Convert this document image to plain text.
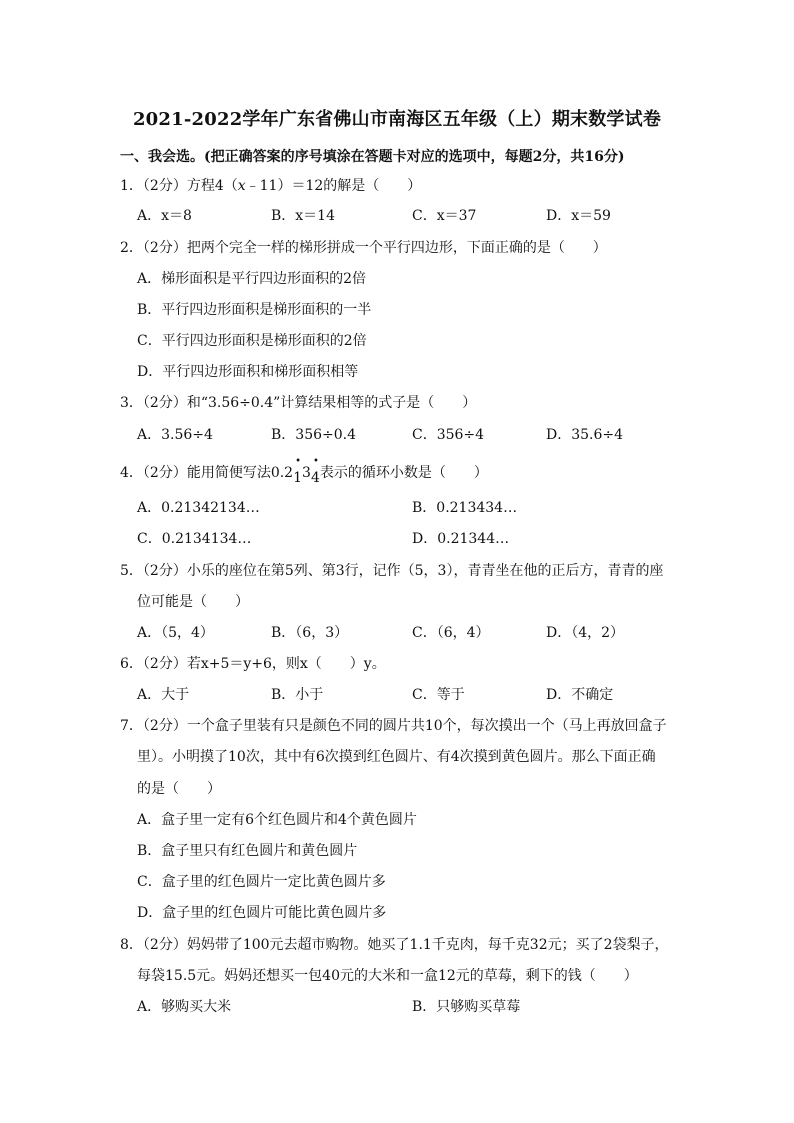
2021-2022学年广东省佛山市南海区五年级（上）期末数学试卷
一、我会选。(把正确答案的序号填涂在答题卡对应的选项中，每题2分，共16分)
1．（2分）方程4（x﹣11）＝12的解是（　　）
A．x＝8	B．x＝14	C．x＝37	D．x＝59
2．（2分）把两个完全一样的梯形拼成一个平行四边形，下面正确的是（　　）
A．梯形面积是平行四边形面积的2倍
B．平行四边形面积是梯形面积的一半
C．平行四边形面积是梯形面积的2倍
D．平行四边形面积和梯形面积相等
3．（2分）和“3.56÷0.4”计算结果相等的式子是（　　）
A．3.56÷4	B．356÷0.4	C．356÷4	D．35.6÷4
4．（2分）能用简便写法0.2
•
13
•
4表示的循环小数是（　　）
A．0.21342134…	B．0.213434…
C．0.2134134…	D．0.21344…
5．（2分）小乐的座位在第5列、第3行，记作（5，3），青青坐在他的正后方，青青的座
位可能是（　　）
A．（5，4）	B．（6，3）	C．（6，4）	D．（4，2）
6．（2分）若x+5＝y+6，则x（　　）y。
A．大于	B．小于	C．等于	D．不确定
7．（2分）一个盒子里装有只是颜色不同的圆片共10个，每次摸出一个（马上再放回盒子
里）。小明摸了10次，其中有6次摸到红色圆片、有4次摸到黄色圆片。那么下面正确
的是（　　）
A．盒子里一定有6个红色圆片和4个黄色圆片
B．盒子里只有红色圆片和黄色圆片
C．盒子里的红色圆片一定比黄色圆片多
D．盒子里的红色圆片可能比黄色圆片多
8．（2分）妈妈带了100元去超市购物。她买了1.1千克肉，每千克32元；买了2袋梨子，
每袋15.5元。妈妈还想买一包40元的大米和一盒12元的草莓，剩下的钱（　　）
A．够购买大米	B．只够购买草莓
